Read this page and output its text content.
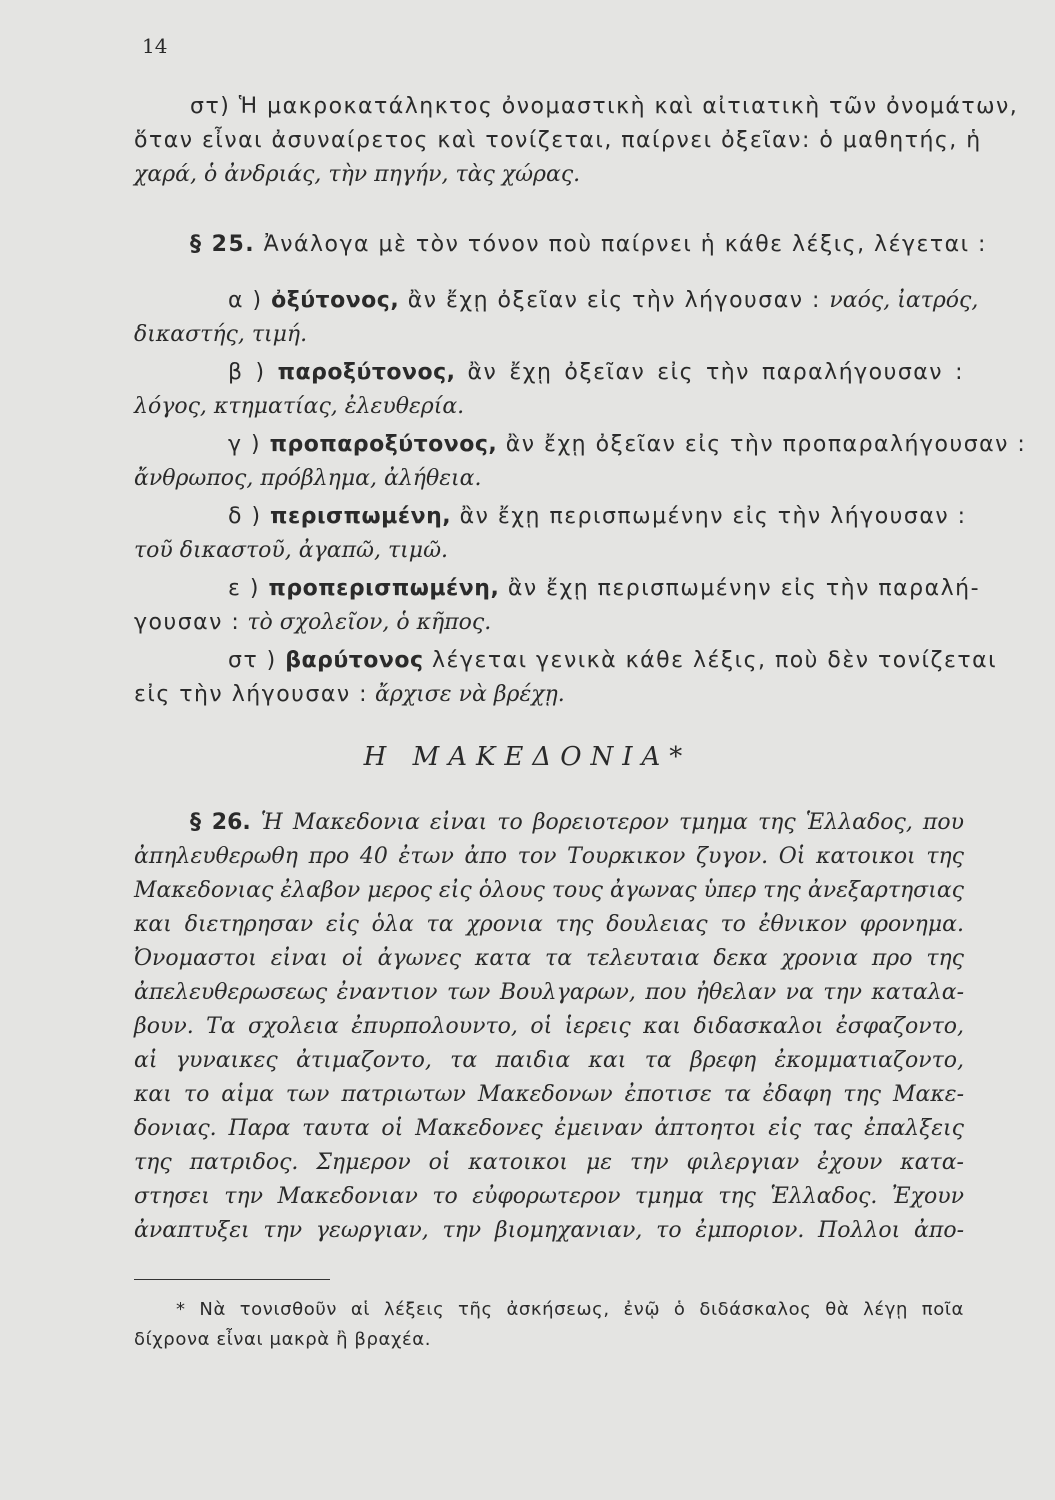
14
στ) Ἡ μακροκατάληκτος ὀνομαστικὴ καὶ αἰτιατικὴ τῶν ὀνομάτων,
ὅταν εἶναι ἀσυναίρετος καὶ τονίζεται, παίρνει ὀξεῖαν: ὁ μαθητής, ἡ
χαρά, ὁ ἀνδριάς, τὴν πηγήν, τὰς χώρας.
§ 25. Ἀνάλογα μὲ τὸν τόνον ποὺ παίρνει ἡ κάθε λέξις, λέγεται :
α ) ὀξύτονος, ἂν ἔχῃ ὀξεῖαν εἰς τὴν λήγουσαν : ναός, ἰατρός,
δικαστής, τιμή.
β ) παροξύτονος, ἂν ἔχῃ ὀξεῖαν εἰς τὴν παραλήγουσαν :
λόγος, κτηματίας, ἐλευθερία.
γ ) προπαροξύτονος, ἂν ἔχῃ ὀξεῖαν εἰς τὴν προπαραλήγουσαν :
ἄνθρωπος, πρόβλημα, ἀλήθεια.
δ ) περισπωμένη, ἂν ἔχῃ περισπωμένην εἰς τὴν λήγουσαν :
τοῦ δικαστοῦ, ἀγαπῶ, τιμῶ.
ε ) προπερισπωμένη, ἂν ἔχῃ περισπωμένην εἰς τὴν παραλή-
γουσαν : τὸ σχολεῖον, ὁ κῆπος.
στ ) βαρύτονος λέγεται γενικὰ κάθε λέξις, ποὺ δὲν τονίζεται
εἰς τὴν λήγουσαν : ἄρχισε νὰ βρέχῃ.
Η ΜΑΚΕΔΟΝΙΑ*
§ 26. Ἡ Μακεδονια εἰναι το βορειοτερον τμημα της Ἑλλαδος, που
ἀπηλευθερωθη προ 40 ἐτων ἀπο τον Τουρκικον ζυγον. Οἱ κατοικοι της
Μακεδονιας ἐλαβον μερος εἰς ὁλους τους ἀγωνας ὑπερ της ἀνεξαρτησιας
και διετηρησαν εἰς ὁλα τα χρονια της δουλειας το ἐθνικον φρονημα.
Ὀνομαστοι εἰναι οἱ ἀγωνες κατα τα τελευταια δεκα χρονια προ της
ἀπελευθερωσεως ἐναντιον των Βουλγαρων, που ἠθελαν να την καταλα-
βουν. Τα σχολεια ἐπυρπολουντο, οἱ ἱερεις και διδασκαλοι ἐσφαζοντο,
αἱ γυναικες ἀτιμαζοντο, τα παιδια και τα βρεφη ἐκομματιαζοντο,
και το αἱμα των πατριωτων Μακεδονων ἐποτισε τα ἐδαφη της Μακε-
δονιας. Παρα ταυτα οἱ Μακεδονες ἐμειναν ἀπτοητοι εἰς τας ἐπαλξεις
της πατριδος. Σημερον οἱ κατοικοι με την φιλεργιαν ἐχουν κατα-
στησει την Μακεδονιαν το εὐφορωτερον τμημα της Ἑλλαδος. Ἐχουν
ἀναπτυξει την γεωργιαν, την βιομηχανιαν, το ἐμποριον. Πολλοι ἀπο-
* Νὰ τονισθοῦν αἱ λέξεις τῆς ἀσκήσεως, ἐνῷ ὁ διδάσκαλος θὰ λέγῃ ποῖα
δίχρονα εἶναι μακρὰ ἢ βραχέα.
